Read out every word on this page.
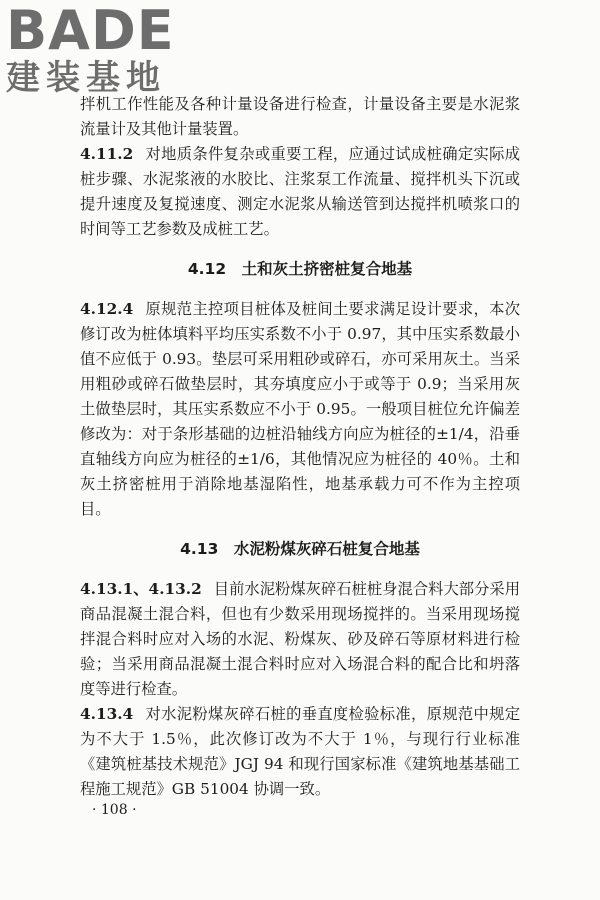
BADE
建装基地

拌机工作性能及各种计量设备进行检查，计量设备主要是水泥浆流量计及其他计量装置。

4.11.2 对地质条件复杂或重要工程，应通过试成桩确定实际成桩步骤、水泥浆液的水胶比、注浆泵工作流量、搅拌机头下沉或提升速度及复搅速度、测定水泥浆从输送管到达搅拌机喷浆口的时间等工艺参数及成桩工艺。

4.12　土和灰土挤密桩复合地基

4.12.4 原规范主控项目桩体及桩间土要求满足设计要求，本次修订改为桩体填料平均压实系数不小于 0.97，其中压实系数最小值不应低于 0.93。垫层可采用粗砂或碎石，亦可采用灰土。当采用粗砂或碎石做垫层时，其夯填度应小于或等于 0.9；当采用灰土做垫层时，其压实系数应不小于 0.95。一般项目桩位允许偏差修改为：对于条形基础的边桩沿轴线方向应为桩径的±1/4，沿垂直轴线方向应为桩径的±1/6，其他情况应为桩径的 40％。土和灰土挤密桩用于消除地基湿陷性，地基承载力可不作为主控项目。

4.13　水泥粉煤灰碎石桩复合地基

4.13.1、4.13.2 目前水泥粉煤灰碎石桩桩身混合料大部分采用商品混凝土混合料，但也有少数采用现场搅拌的。当采用现场搅拌混合料时应对入场的水泥、粉煤灰、砂及碎石等原材料进行检验；当采用商品混凝土混合料时应对入场混合料的配合比和坍落度等进行检查。

4.13.4 对水泥粉煤灰碎石桩的垂直度检验标准，原规范中规定为不大于 1.5％，此次修订改为不大于 1％，与现行行业标准《建筑桩基技术规范》JGJ 94 和现行国家标准《建筑地基基础工程施工规范》GB 51004 协调一致。

· 108 ·
